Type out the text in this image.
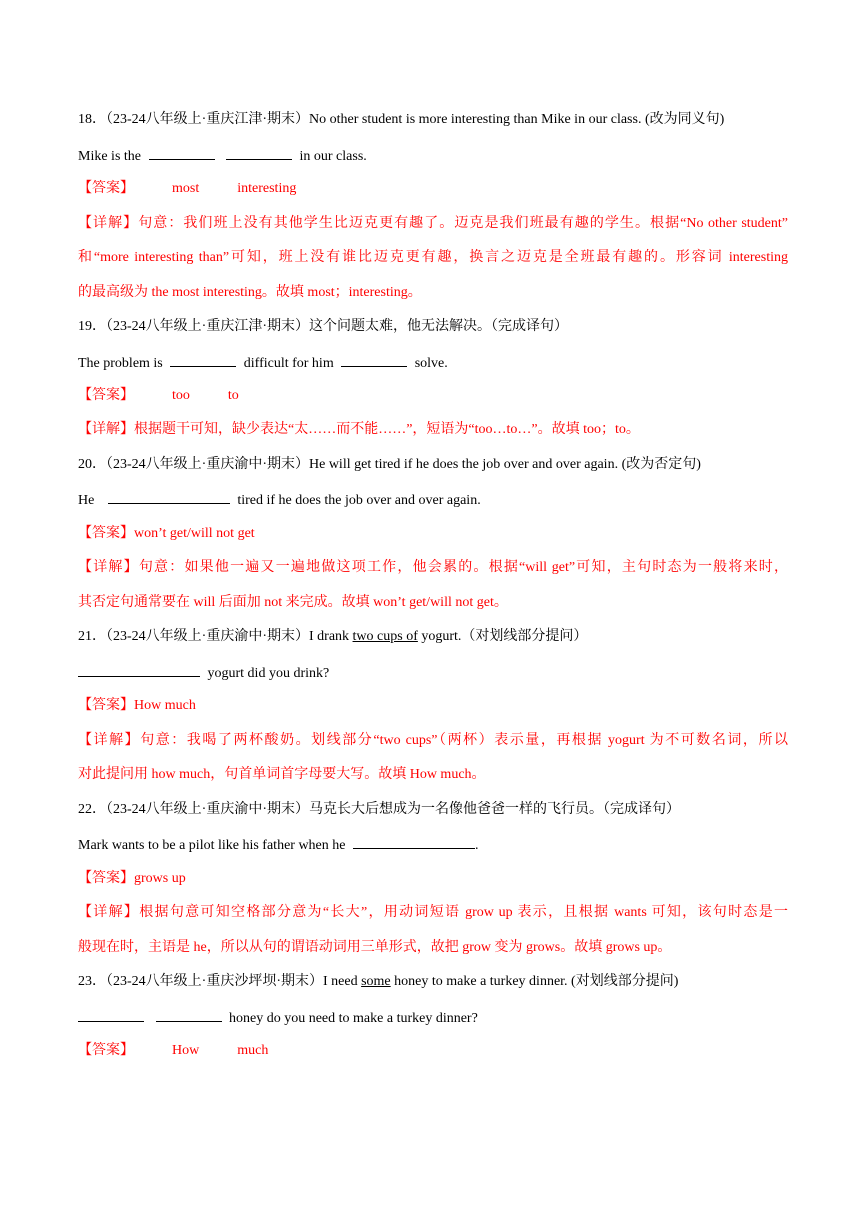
18．（23-24八年级上·重庆江津·期末）No other student is more interesting than Mike in our class. (改为同义句)
Mike is the	in our class.
【答案】	most	interesting
【详解】句意：我们班上没有其他学生比迈克更有趣了。迈克是我们班最有趣的学生。根据“No other student”
和“more interesting than”可知，班上没有谁比迈克更有趣，换言之迈克是全班最有趣的。形容词 interesting
的最高级为 the most interesting。故填 most；interesting。
19．（23-24八年级上·重庆江津·期末）这个问题太难，他无法解决。（完成译句）
The problem is	difficult for him	solve.
【答案】	too	to
【详解】根据题干可知，缺少表达“太……而不能……”，短语为“too…to…”。故填 too；to。
20．（23-24八年级上·重庆渝中·期末）He will get tired if he does the job over and over again. (改为否定句)
He	tired if he does the job over and over again.
【答案】won’t get/will not get
【详解】句意：如果他一遍又一遍地做这项工作，他会累的。根据“will get”可知，主句时态为一般将来时，
其否定句通常要在 will 后面加 not 来完成。故填 won’t get/will not get。
21．（23-24八年级上·重庆渝中·期末）I drank two cups of yogurt.（对划线部分提问）
yogurt did you drink?
【答案】How much
【详解】句意：我喝了两杯酸奶。划线部分“two cups”（两杯）表示量，再根据 yogurt 为不可数名词，所以
对此提问用 how much，句首单词首字母要大写。故填 How much。
22．（23-24八年级上·重庆渝中·期末）马克长大后想成为一名像他爸爸一样的飞行员。（完成译句）
Mark wants to be a pilot like his father when he	.
【答案】grows up
【详解】根据句意可知空格部分意为“长大”，用动词短语 grow up 表示，且根据 wants 可知，该句时态是一
般现在时，主语是 he，所以从句的谓语动词用三单形式，故把 grow 变为 grows。故填 grows up。
23．（23-24八年级上·重庆沙坪坝·期末）I need some honey to make a turkey dinner. (对划线部分提问)
honey do you need to make a turkey dinner?
【答案】	How	much
